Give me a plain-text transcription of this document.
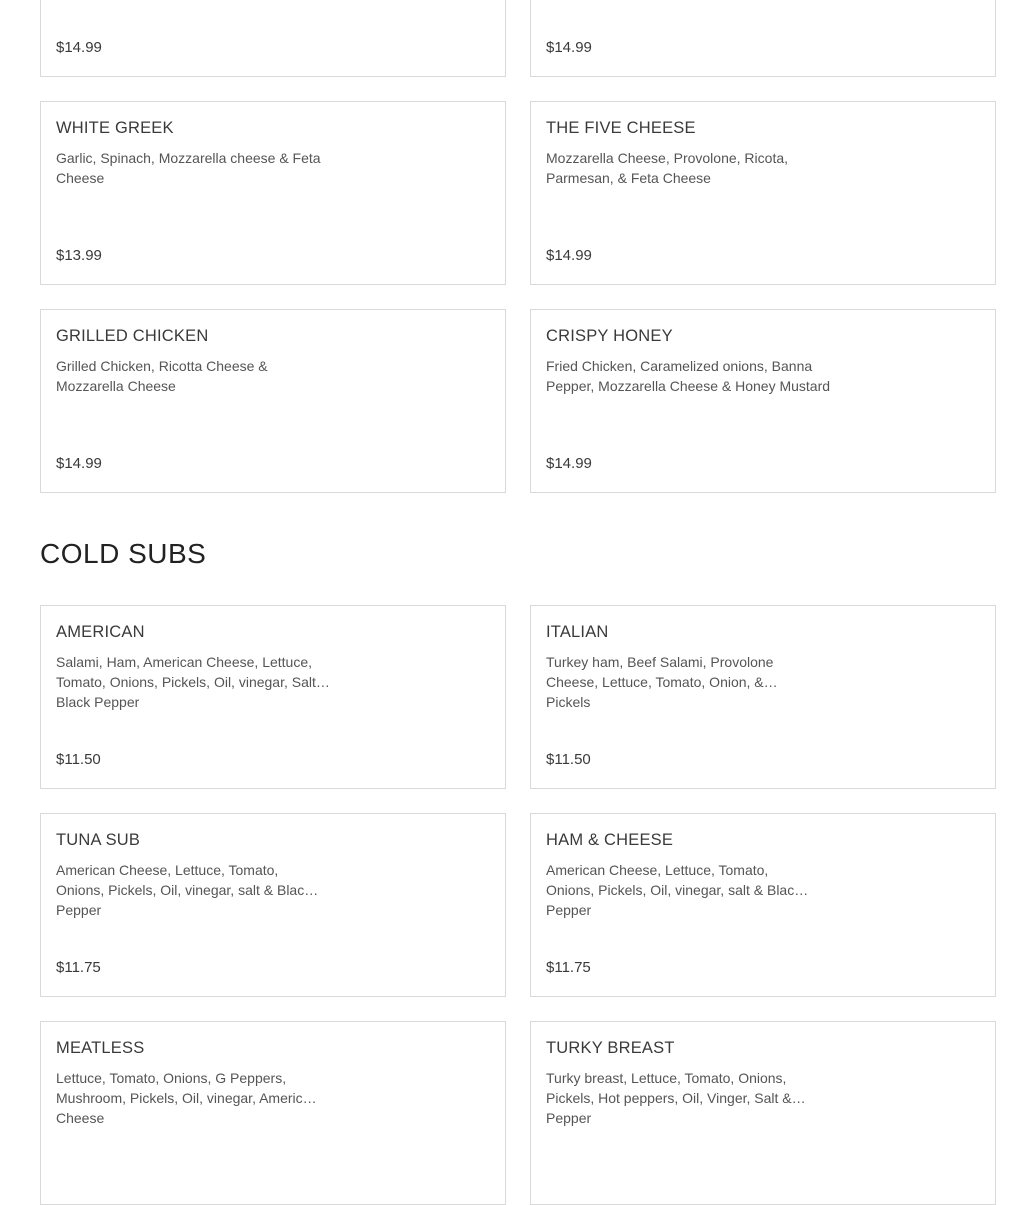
$14.99	$14.99
WHITE GREEK
Garlic, Spinach, Mozzarella cheese & Feta Cheese
$13.99
THE FIVE CHEESE
Mozzarella Cheese, Provolone, Ricota, Parmesan, & Feta Cheese
$14.99
GRILLED CHICKEN
Grilled Chicken, Ricotta Cheese & Mozzarella Cheese
$14.99
CRISPY HONEY
Fried Chicken, Caramelized onions, Banna Pepper, Mozzarella Cheese & Honey Mustard
$14.99
COLD SUBS
AMERICAN
Salami, Ham, American Cheese, Lettuce, Tomato, Onions, Pickels, Oil, vinegar, Salt & Black Pepper
$11.50
ITALIAN
Turkey ham, Beef Salami, Provolone Cheese, Lettuce, Tomato, Onion, & Pickels
$11.50
TUNA SUB
American Cheese, Lettuce, Tomato, Onions, Pickels, Oil, vinegar, salt & Black Pepper
$11.75
HAM & CHEESE
American Cheese, Lettuce, Tomato, Onions, Pickels, Oil, vinegar, salt & Black Pepper
$11.75
MEATLESS
Lettuce, Tomato, Onions, G Peppers, Mushroom, Pickels, Oil, vinegar, American Cheese
TURKY BREAST
Turky breast, Lettuce, Tomato, Onions, Pickels, Hot peppers, Oil, Vinger, Salt & Pepper
